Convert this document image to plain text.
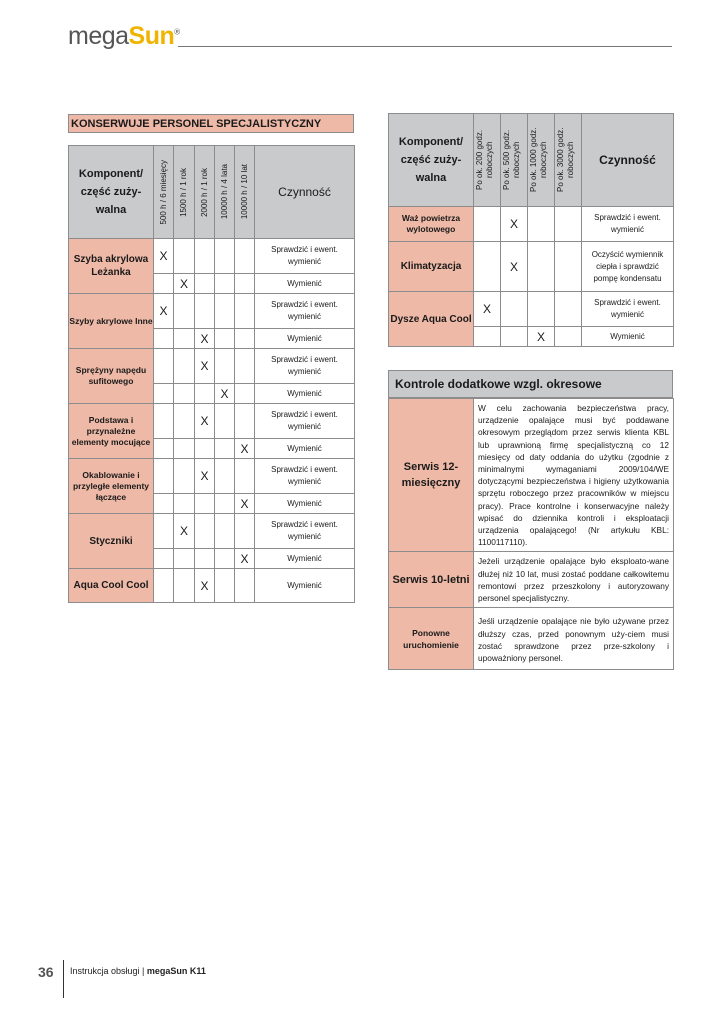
megaSun®
KONSERWUJE PERSONEL SPECJALISTYCZNY
Komponent/ część zuży-walna	500 h / 6 miesięcy	1500 h / 1 rok	2000 h / 1 rok	10000 h / 4 lata	10000 h / 10 lat	Czynność
Szyba akrylowa Leżanka	X					Sprawdzić i ewent. wymienić
		X				Wymienić
Szyby akrylowe Inne	X					Sprawdzić i ewent. wymienić
			X			Wymienić
Sprężyny napędu sufitowego			X			Sprawdzić i ewent. wymienić
				X		Wymienić
Podstawa i przynależne elementy mocujące			X			Sprawdzić i ewent. wymienić
					X	Wymienić
Okablowanie i przyległe elementy łączące			X			Sprawdzić i ewent. wymienić
					X	Wymienić
Styczniki		X				Sprawdzić i ewent. wymienić
					X	Wymienić
Aqua Cool Cool			X			Wymienić
Komponent/ część zuży-walna	Po ok. 200 godz. roboczych	Po ok. 500 godz. roboczych	Po ok. 1000 godz. roboczych	Po ok. 3000 godz. roboczych	Czynność
Waż powietrza wylotowego		X			Sprawdzić i ewent. wymienić
Klimatyzacja		X			Oczyścić wymiennik ciepła i sprawdzić pompę kondensatu
Dysze Aqua Cool	X				Sprawdzić i ewent. wymienić
			X		Wymienić
Kontrole dodatkowe wzgl. okresowe
Serwis 12-miesięczny	W celu zachowania bezpieczeństwa pracy, urządzenie opalające musi być poddawane okresowym przeglądom przez serwis klienta KBL lub uprawnioną firmę specjalistyczną co 12 miesięcy od daty oddania do użytku (zgodnie z minimalnymi wymaganiami 2009/104/WE dotyczącymi bezpieczeństwa i higieny użytkowania sprzętu roboczego przez pracowników w miejscu pracy). Prace kontrolne i konserwacyjne należy wpisać do dziennika kontroli i eksploatacji urządzenia opalającego! (Nr artykułu KBL: 1100117110).
Serwis 10-letni	Jeżeli urządzenie opalające było eksploato-wane dłużej niż 10 lat, musi zostać poddane całkowitemu remontowi przez przeszkolony i autoryzowany personel specjalistyczny.
Ponowne uruchomienie	Jeśli urządzenie opalające nie było używane przez dłuższy czas, przed ponownym uży-ciem musi zostać sprawdzone przez prze-szkolony i upoważniony personel.
36 Instrukcja obsługi | megaSun K11
